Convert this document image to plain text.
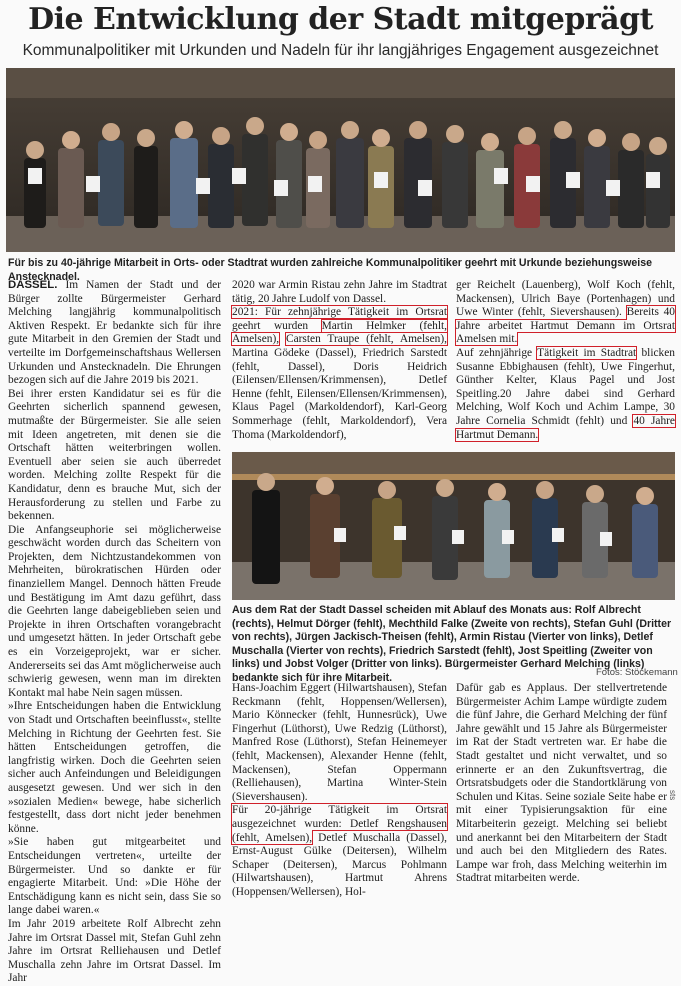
Die Entwicklung der Stadt mitgeprägt
Kommunalpolitiker mit Urkunden und Nadeln für ihr langjähriges Engagement ausgezeichnet
Für bis zu 40-jährige Mitarbeit in Orts- oder Stadtrat wurden zahlreiche Kommunalpolitiker geehrt mit Urkunde beziehungsweise Anstecknadel.

DASSEL. Im Namen der Stadt und der Bürger zollte Bürgermeister Gerhard Melching langjährig kommunalpolitisch Aktiven Respekt. Er bedankte sich für ihre gute Mitarbeit in den Gremien der Stadt und verteilte im Dorfgemeinschaftshaus Wellersen Urkunden und Anstecknadeln. Die Ehrungen bezogen sich auf die Jahre 2019 bis 2021.
Bei ihrer ersten Kandidatur sei es für die Geehrten sicherlich spannend gewesen, mutmaßte der Bürgermeister. Sie alle seien mit Ideen angetreten, mit denen sie die Ortschaft hätten weiterbringen wollen. Eventuell aber seien sie auch überredet worden. Melching zollte Respekt für die Kandidatur, denn es brauche Mut, sich der Herausforderung zu stellen und Farbe zu bekennen.
Die Anfangseuphorie sei möglicherweise geschwächt worden durch das Scheitern von Projekten, dem Nichtzustandekommen von Mehrheiten, bürokratischen Hürden oder finanziellem Mangel. Dennoch hätten Freude und Bestätigung im Amt dazu geführt, dass die Geehrten lange dabeigeblieben seien und Projekte in ihren Ortschaften vorangebracht und umgesetzt hätten. In jeder Ortschaft gebe es ein Vorzeigeprojekt, war er sicher. Andererseits sei das Amt möglicherweise auch schwierig gewesen, wenn man im direkten Kontakt mal habe Nein sagen müssen.
»Ihre Entscheidungen haben die Entwicklung von Stadt und Ortschaften beeinflusst«, stellte Melching in Richtung der Geehrten fest. Sie hätten Entscheidungen getroffen, die langfristig wirken. Doch die Geehrten seien sicher auch Anfeindungen und Beleidigungen ausgesetzt gewesen. Und wer sich in den »sozialen Medien« bewege, habe sicherlich festgestellt, dass dort nicht jeder benehmen könne.
»Sie haben gut mitgearbeitet und Entscheidungen vertreten«, urteilte der Bürgermeister. Und so dankte er für engagierte Mitarbeit. Und: »Die Höhe der Entschädigung kann es nicht sein, dass Sie so lange dabei waren.«
Im Jahr 2019 arbeitete Rolf Albrecht zehn Jahre im Ortsrat Dassel mit, Stefan Guhl zehn Jahre im Ortsrat Relliehausen und Detlef Muschalla zehn Jahre im Ortsrat Dassel. Im Jahr

2020 war Armin Ristau zehn Jahre im Stadtrat tätig, 20 Jahre Ludolf von Dassel.
2021: Für zehnjährige Tätigkeit im Ortsrat geehrt wurden Martin Helmker (fehlt, Amelsen), Carsten Traupe (fehlt, Amelsen), Martina Gödeke (Dassel), Friedrich Sarstedt (fehlt, Dassel), Doris Heidrich (Eilensen/Ellensen/Krimmensen), Detlef Henne (fehlt, Eilensen/Ellensen/Krimmensen), Klaus Pagel (Markoldendorf), Karl-Georg Sommerhage (fehlt, Markoldendorf), Vera Thoma (Markoldendorf),

ger Reichelt (Lauenberg), Wolf Koch (fehlt, Mackensen), Ulrich Baye (Portenhagen) und Uwe Winter (fehlt, Sievershausen). Bereits 40 Jahre arbeitet Hartmut Demann im Ortsrat Amelsen mit.
Auf zehnjährige Tätigkeit im Stadtrat blicken Susanne Ebbighausen (fehlt), Uwe Fingerhut, Günther Kelter, Klaus Pagel und Jost Speitling.20 Jahre dabei sind Gerhard Melching, Wolf Koch und Achim Lampe, 30 Jahre Cornelia Schmidt (fehlt) und 40 Jahre Hartmut Demann.

Aus dem Rat der Stadt Dassel scheiden mit Ablauf des Monats aus: Rolf Albrecht (rechts), Helmut Dörger (fehlt), Mechthild Falke (Zweite von rechts), Stefan Guhl (Dritter von rechts), Jürgen Jackisch-Theisen (fehlt), Armin Ristau (Vierter von links), Detlef Muschalla (Vierter von rechts), Friedrich Sarstedt (fehlt), Jost Speitling (Zweiter von links) und Jobst Volger (Dritter von links). Bürgermeister Gerhard Melching (links) bedankte sich für ihre Mitarbeit.	Fotos: Stöckemann

Hans-Joachim Eggert (Hilwartshausen), Stefan Reckmann (fehlt, Hoppensen/Wellersen), Mario Könnecker (fehlt, Hunnesrück), Uwe Fingerhut (Lüthorst), Uwe Redzig (Lüthorst), Manfred Rose (Lüthorst), Stefan Heinemeyer (fehlt, Mackensen), Alexander Henne (fehlt, Mackensen), Stefan Oppermann (Relliehausen), Martina Winter-Stein (Sievershausen).
Für 20-jährige Tätigkeit im Ortsrat ausgezeichnet wurden: Detlef Rengshausen (fehlt, Amelsen), Detlef Muschalla (Dassel), Ernst-August Gülke (Deitersen), Wilhelm Schaper (Deitersen), Marcus Pohlmann (Hilwartshausen), Hartmut Ahrens (Hoppensen/Wellersen), Hol-

Dafür gab es Applaus. Der stellvertretende Bürgermeister Achim Lampe würdigte zudem die fünf Jahre, die Gerhard Melching der fünf Jahre gewählt und 15 Jahre als Bürgermeister im Rat der Stadt vertreten war. Er habe die Stadt gestaltet und nicht verwaltet, und so erinnerte er an den Zukunftsvertrag, die Ortsratsbudgets oder die Standortklärung von Schulen und Kitas. Seine soziale Seite habe er mit einer Typisierungsaktion für eine Mitarbeiterin gezeigt. Melching sei beliebt und anerkannt bei den Mitarbeitern der Stadt und auch bei den Mitgliedern des Rates. Lampe war froh, dass Melching weiterhin im Stadtrat mitarbeiten werde.

sts
